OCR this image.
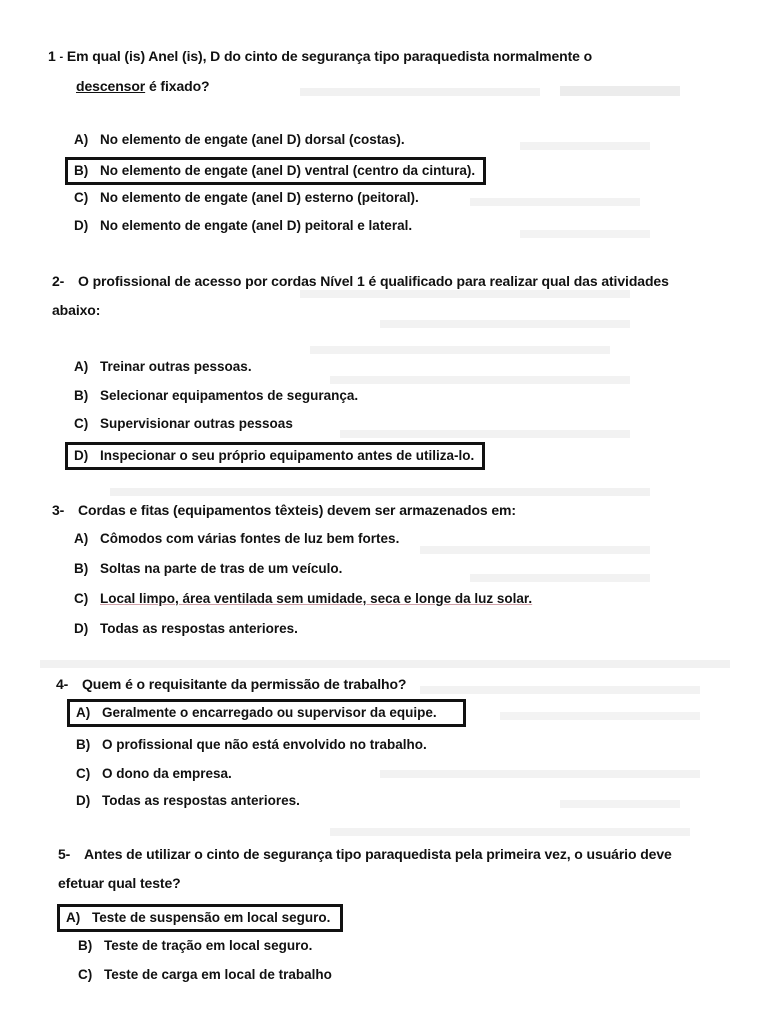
1 - Em qual (is) Anel (is), D do cinto de segurança tipo paraquedista normalmente o
descensor é fixado?
A) No elemento de engate (anel D) dorsal (costas).
B) No elemento de engate (anel D) ventral (centro da cintura).
C) No elemento de engate (anel D) esterno (peitoral).
D) No elemento de engate (anel D) peitoral e lateral.
2- O profissional de acesso por cordas Nível 1 é qualificado para realizar qual das atividades abaixo:
A) Treinar outras pessoas.
B) Selecionar equipamentos de segurança.
C) Supervisionar outras pessoas
D) Inspecionar o seu próprio equipamento antes de utiliza-lo.
3- Cordas e fitas (equipamentos têxteis) devem ser armazenados em:
A) Cômodos com várias fontes de luz bem fortes.
B) Soltas na parte de tras de um veículo.
C) Local limpo, área ventilada sem umidade, seca e longe da luz solar.
D) Todas as respostas anteriores.
4- Quem é o requisitante da permissão de trabalho?
A) Geralmente o encarregado ou supervisor da equipe.
B) O profissional que não está envolvido no trabalho.
C) O dono da empresa.
D) Todas as respostas anteriores.
5- Antes de utilizar o cinto de segurança tipo paraquedista pela primeira vez, o usuário deve efetuar qual teste?
A) Teste de suspensão em local seguro.
B) Teste de tração em local seguro.
C) Teste de carga em local de trabalho
